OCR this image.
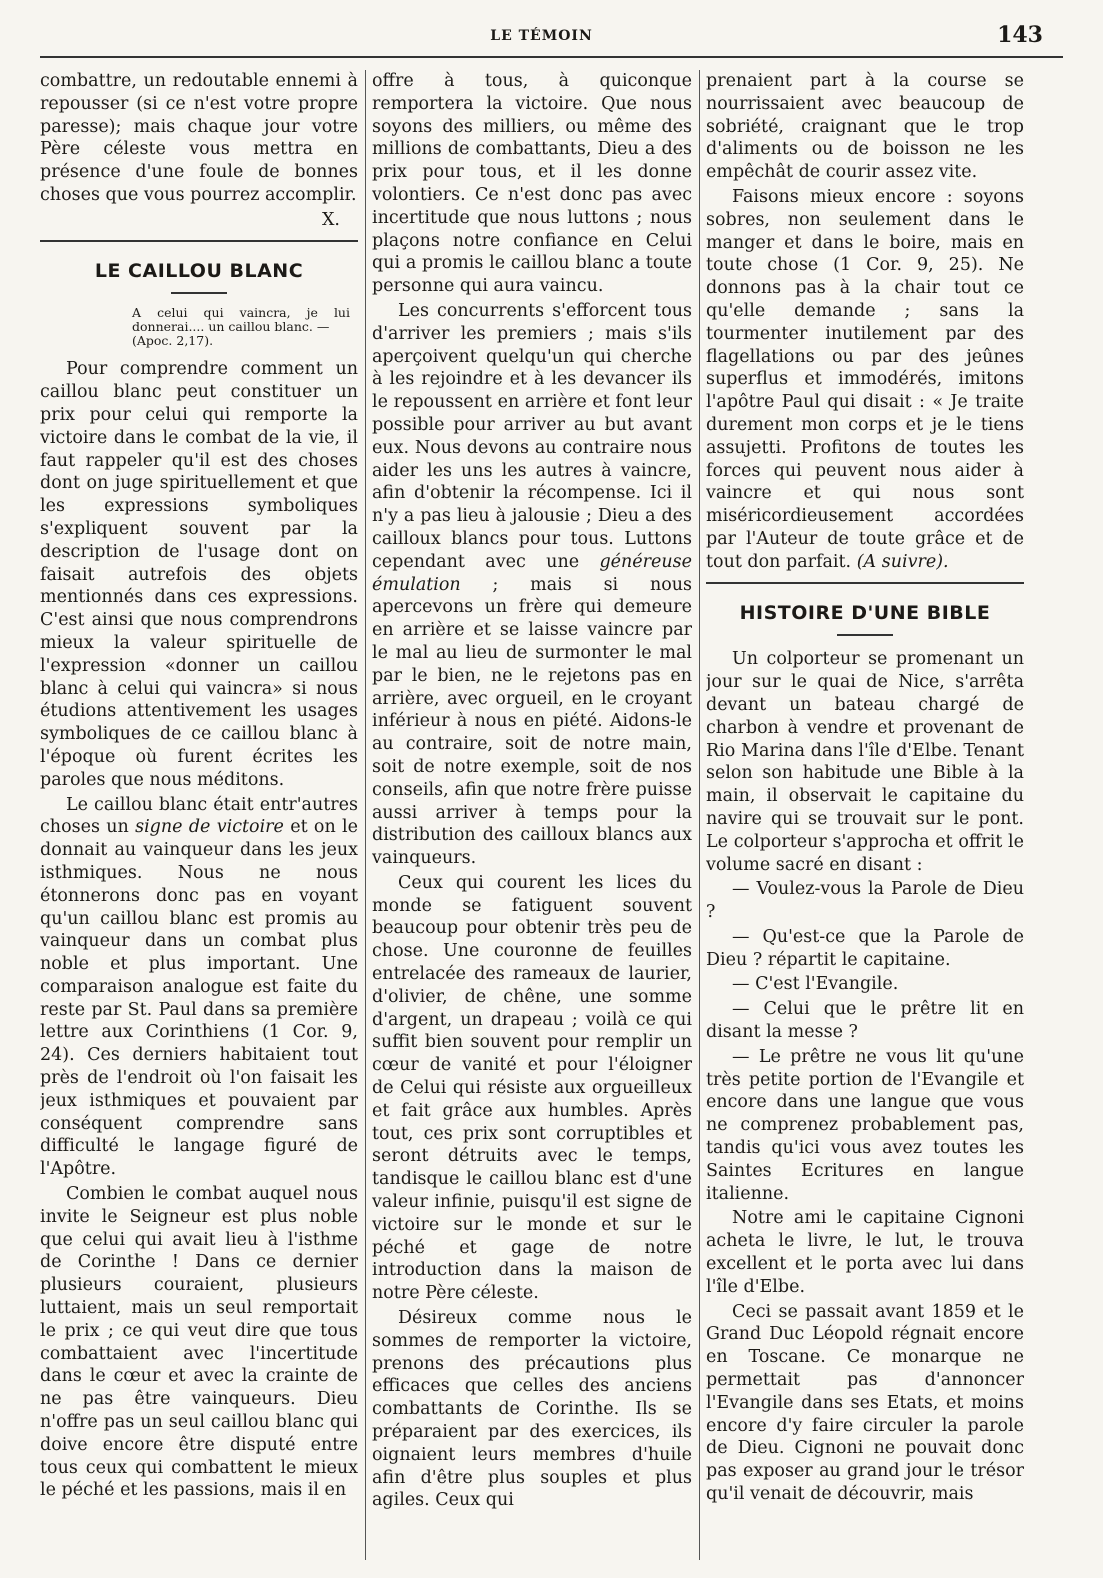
LE TÉMOIN	143

combattre, un redoutable ennemi à repousser (si ce n'est votre propre paresse); mais chaque jour votre Père céleste vous mettra en présence d'une foule de bonnes choses que vous pourrez accomplir.

X.

LE CAILLOU BLANC
A celui qui vaincra, je lui donnerai.... un caillou blanc. —
(Apoc. 2,17).

Pour comprendre comment un caillou blanc peut constituer un prix pour celui qui remporte la victoire dans le combat de la vie, il faut rappeler qu'il est des choses dont on juge spirituellement et que les expressions symboliques s'expliquent souvent par la description de l'usage dont on faisait autrefois des objets mentionnés dans ces expressions. C'est ainsi que nous comprendrons mieux la valeur spirituelle de l'expression «donner un caillou blanc à celui qui vaincra» si nous étudions attentivement les usages symboliques de ce caillou blanc à l'époque où furent écrites les paroles que nous méditons.

Le caillou blanc était entr'autres choses un signe de victoire et on le donnait au vainqueur dans les jeux isthmiques. Nous ne nous étonnerons donc pas en voyant qu'un caillou blanc est promis au vainqueur dans un combat plus noble et plus important. Une comparaison analogue est faite du reste par St. Paul dans sa première lettre aux Corinthiens (1 Cor. 9, 24). Ces derniers habitaient tout près de l'endroit où l'on faisait les jeux isthmiques et pouvaient par conséquent comprendre sans difficulté le langage figuré de l'Apôtre.

Combien le combat auquel nous invite le Seigneur est plus noble que celui qui avait lieu à l'isthme de Corinthe ! Dans ce dernier plusieurs couraient, plusieurs luttaient, mais un seul remportait le prix ; ce qui veut dire que tous combattaient avec l'incertitude dans le cœur et avec la crainte de ne pas être vainqueurs. Dieu n'offre pas un seul caillou blanc qui doive encore être disputé entre tous ceux qui combattent le mieux le péché et les passions, mais il en

offre à tous, à quiconque remportera la victoire. Que nous soyons des milliers, ou même des millions de combattants, Dieu a des prix pour tous, et il les donne volontiers. Ce n'est donc pas avec incertitude que nous luttons ; nous plaçons notre confiance en Celui qui a promis le caillou blanc a toute personne qui aura vaincu.

Les concurrents s'efforcent tous d'arriver les premiers ; mais s'ils aperçoivent quelqu'un qui cherche à les rejoindre et à les devancer ils le repoussent en arrière et font leur possible pour arriver au but avant eux. Nous devons au contraire nous aider les uns les autres à vaincre, afin d'obtenir la récompense. Ici il n'y a pas lieu à jalousie ; Dieu a des cailloux blancs pour tous. Luttons cependant avec une généreuse émulation ; mais si nous apercevons un frère qui demeure en arrière et se laisse vaincre par le mal au lieu de surmonter le mal par le bien, ne le rejetons pas en arrière, avec orgueil, en le croyant inférieur à nous en piété. Aidons-le au contraire, soit de notre main, soit de notre exemple, soit de nos conseils, afin que notre frère puisse aussi arriver à temps pour la distribution des cailloux blancs aux vainqueurs.

Ceux qui courent les lices du monde se fatiguent souvent beaucoup pour obtenir très peu de chose. Une couronne de feuilles entrelacée des rameaux de laurier, d'olivier, de chêne, une somme d'argent, un drapeau ; voilà ce qui suffit bien souvent pour remplir un cœur de vanité et pour l'éloigner de Celui qui résiste aux orgueilleux et fait grâce aux humbles. Après tout, ces prix sont corruptibles et seront détruits avec le temps, tandisque le caillou blanc est d'une valeur infinie, puisqu'il est signe de victoire sur le monde et sur le péché et gage de notre introduction dans la maison de notre Père céleste.

Désireux comme nous le sommes de remporter la victoire, prenons des précautions plus efficaces que celles des anciens combattants de Corinthe. Ils se préparaient par des exercices, ils oignaient leurs membres d'huile afin d'être plus souples et plus agiles. Ceux qui

prenaient part à la course se nourrissaient avec beaucoup de sobriété, craignant que le trop d'aliments ou de boisson ne les empêchât de courir assez vite.

Faisons mieux encore : soyons sobres, non seulement dans le manger et dans le boire, mais en toute chose (1 Cor. 9, 25). Ne donnons pas à la chair tout ce qu'elle demande ; sans la tourmenter inutilement par des flagellations ou par des jeûnes superflus et immodérés, imitons l'apôtre Paul qui disait : « Je traite durement mon corps et je le tiens assujetti. Profitons de toutes les forces qui peuvent nous aider à vaincre et qui nous sont miséricordieusement accordées par l'Auteur de toute grâce et de tout don parfait. (A suivre).

HISTOIRE D'UNE BIBLE

Un colporteur se promenant un jour sur le quai de Nice, s'arrêta devant un bateau chargé de charbon à vendre et provenant de Rio Marina dans l'île d'Elbe. Tenant selon son habitude une Bible à la main, il observait le capitaine du navire qui se trouvait sur le pont. Le colporteur s'approcha et offrit le volume sacré en disant :

— Voulez-vous la Parole de Dieu ?

— Qu'est-ce que la Parole de Dieu ? répartit le capitaine.

— C'est l'Evangile.

— Celui que le prêtre lit en disant la messe ?

— Le prêtre ne vous lit qu'une très petite portion de l'Evangile et encore dans une langue que vous ne comprenez probablement pas, tandis qu'ici vous avez toutes les Saintes Ecritures en langue italienne.

Notre ami le capitaine Cignoni acheta le livre, le lut, le trouva excellent et le porta avec lui dans l'île d'Elbe.

Ceci se passait avant 1859 et le Grand Duc Léopold régnait encore en Toscane. Ce monarque ne permettait pas d'annoncer l'Evangile dans ses Etats, et moins encore d'y faire circuler la parole de Dieu. Cignoni ne pouvait donc pas exposer au grand jour le trésor qu'il venait de découvrir, mais
